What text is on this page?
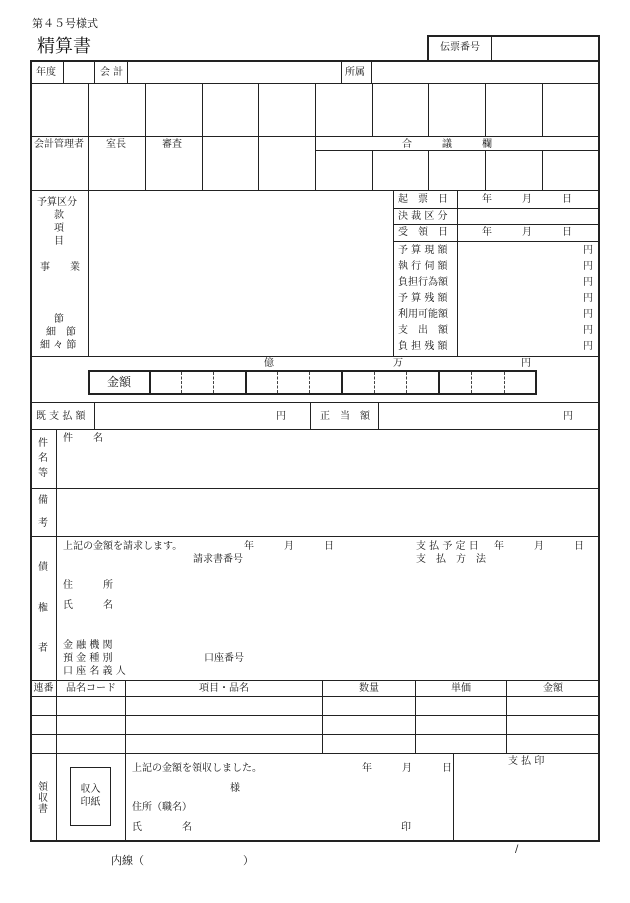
第４５号様式
精算書	伝票番号
年度	会 計	所属
会計管理者 室長	審査	合　　　議　　　欄
予算区分
款
項
目
事　　業
節
細　節
細 々 節
起　票　日	年　　　月　　　日
決 裁 区 分
受　領　日	年　　　月　　　日
予 算 現 額	円
執 行 伺 額	円
負担行為額	円
予 算 残 額	円
利用可能額	円
支　出　額	円
負 担 残 額	円
億	万	円
金額
既 支 払 額	円	正　当　額	円
件
名
等
件　　名
備
考
債
権
者
上記の金額を請求します。	年　　　月　　　日
請求書番号
支 払 予 定 日 年　　　月　　　日
支　払　方　法
住　　　所
氏　　　名
金 融 機 関
預 金 種 別	口座番号
口 座 名 義 人
連番	品名コード	項目・品名	数量	単価	金額
領
収
書
収入
印紙
上記の金額を領収しました。	年　　　月　　　日
様
住所（職名）
氏　　　　名	印
支 払 印
/
内線（　　　　　　　　　）
